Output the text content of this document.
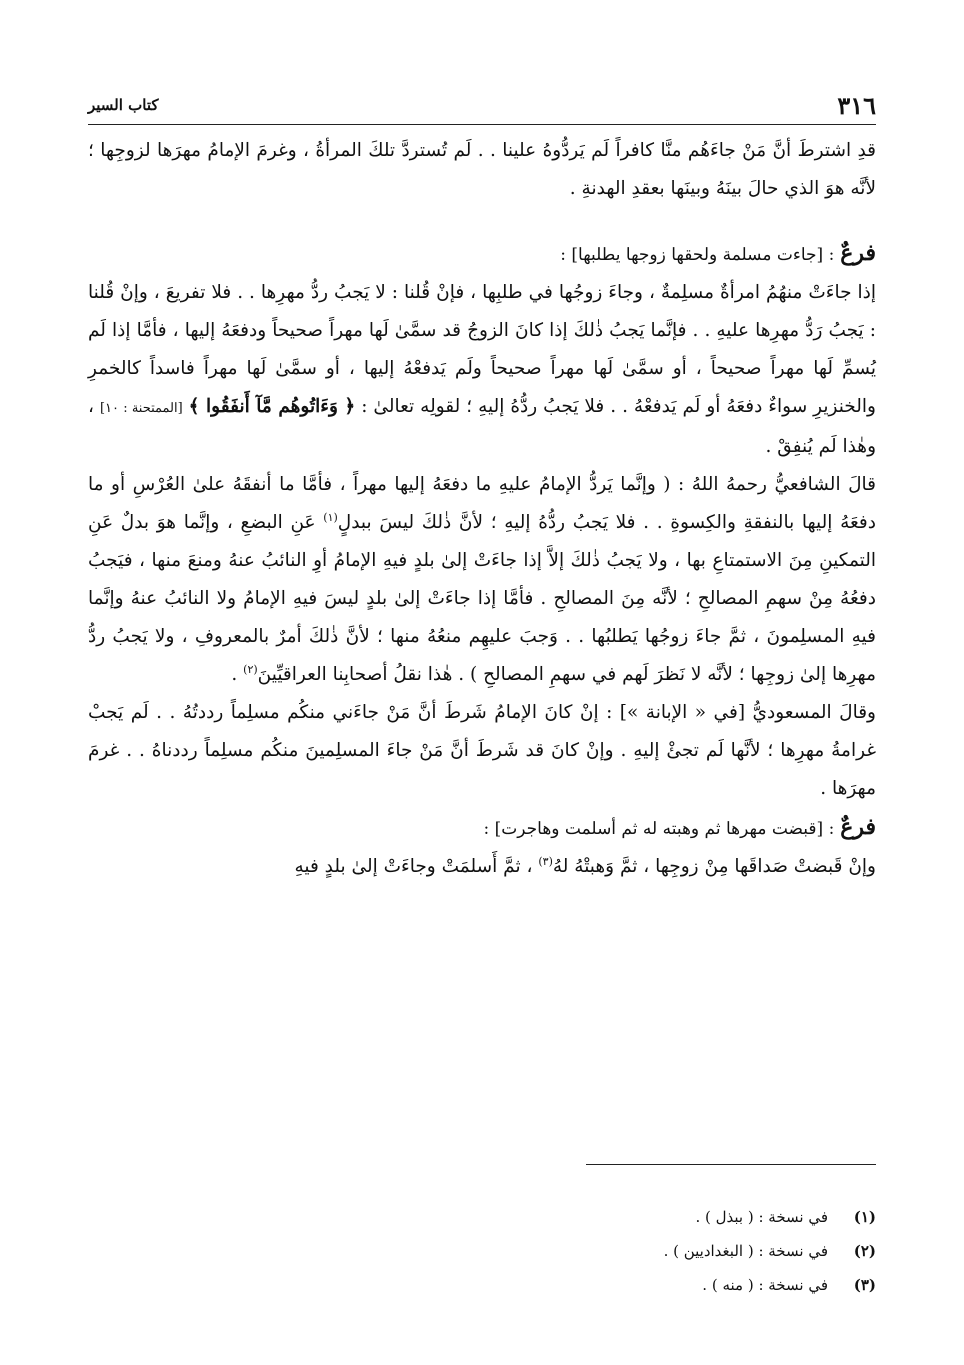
٣١٦
كتاب السير

قدِ اشترطَ أنَّ مَنْ جاءَهُم منَّا كافراً لَم يَردُّوهُ علينا . . لَم تُستردَّ تلكَ المرأةُ ، وغرمَ الإمامُ مهرَها لزوجِها ؛ لأنَّه هوَ الذي حالَ بينَهُ وبينَها بعقدِ الهدنةِ .

فرعٌ : [جاءت مسلمة ولحقها زوجها يطلبها] :

إذا جاءَتْ منهُمُ امرأةٌ مسلِمةٌ ، وجاءَ زوجُها في طلبِها ، فإنْ قُلنا : لا يَجبُ ردُّ مهرِها . . فلا تفريعَ ، وإنْ قُلنا : يَجبُ رَدُّ مهرِها عليهِ . . فإنَّما يَجبُ ذٰلكَ إذا كانَ الزوجُ قد سمَّىٰ لَها مهراً صحيحاً ودفعَهُ إليها ، فأمَّا إذا لَم يُسمِّ لَها مهراً صحيحاً ، أو سمَّىٰ لَها مهراً صحيحاً ولَم يَدفعْهُ إليها ، أو سمَّىٰ لَها مهراً فاسداً كالخمرِ والخنزيرِ سواءٌ دفعَهُ أو لَم يَدفعْهُ . . فلا يَجبُ ردُّهُ إليهِ ؛ لقولِه تعالىٰ : ﴿ وَءَاتُوهُم مَّآ أَنفَقُوا ﴾ [الممتحنة : ١٠] ، وهٰذا لَم يُنفِقْ .

قالَ الشافعيُّ رحمهُ اللهُ : ( وإنَّما يَردُّ الإمامُ عليهِ ما دفعَهُ إليها مهراً ، فأمَّا ما أنفقَهُ علىٰ العُرْسِ أو ما دفعَهُ إليها بالنفقةِ والكِسوةِ . . فلا يَجبُ ردُّهُ إليهِ ؛ لأنَّ ذٰلكَ ليسَ ببدلٍ$^{(١)}$ عَنِ البضعِ ، وإنَّما هوَ بدلٌ عَنِ التمكينِ مِنَ الاستمتاعِ بها ، ولا يَجبُ ذٰلكَ إلاَّ إذا جاءَتْ إلىٰ بلدٍ فيهِ الإمامُ أوِ النائبُ عنهُ ومنعَ منها ، فيَجبُ دفعُهُ مِنْ سهمِ المصالحِ ؛ لأنَّه مِنَ المصالحِ . فأمَّا إذا جاءَتْ إلىٰ بلدٍ ليسَ فيهِ الإمامُ ولا النائبُ عنهُ وإنَّما فيهِ المسلِمونَ ، ثمَّ جاءَ زوجُها يَطلبُها . . وَجبَ عليهِم منعُهُ منها ؛ لأنَّ ذٰلكَ أمرٌ بالمعروفِ ، ولا يَجبُ ردُّ مهرِها إلىٰ زوجِها ؛ لأنَّه لا نَظرَ لَهم في سهمِ المصالحِ ) . هٰذا نقلُ أصحابِنا العراقيِّينَ$^{(٢)}$ .

وقالَ المسعوديُّ [في « الإبانة »] : إنْ كانَ الإمامُ شَرطَ أنَّ مَنْ جاءَني منكُم مسلِماً رددتُهُ . . لَم يَجبْ غرامةُ مهرِها ؛ لأنَّها لَم تجئْ إليهِ . وإنْ كانَ قد شَرطَ أنَّ مَنْ جاءَ المسلِمينَ منكُم مسلِماً رددناهُ . . غرمَ مهرَها .

فرعٌ : [قبضت مهرها ثم وهبته له ثم أسلمت وهاجرت] :

وإنْ قَبضتْ صَداقَها مِنْ زوجِها ، ثمَّ وَهبتْهُ لهُ$^{(٣)}$ ، ثمَّ أَسلمَتْ وجاءَتْ إلىٰ بلدٍ فيهِ

(١)
في نسخة : ( ببذل ) .
(٢)
في نسخة : ( البغداديين ) .
(٣)
في نسخة : ( منه ) .
